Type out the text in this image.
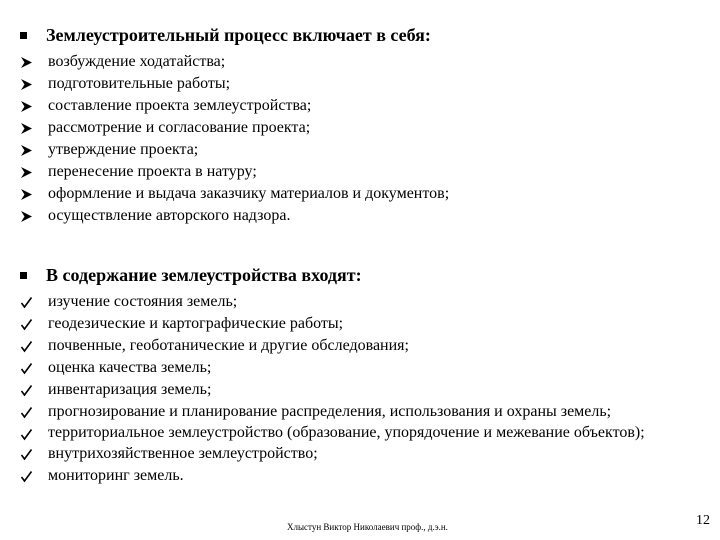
Землеустроительный процесс включает в себя:
возбуждение ходатайства;
подготовительные работы;
составление проекта землеустройства;
рассмотрение и согласование проекта;
утверждение проекта;
перенесение проекта в натуру;
оформление и выдача заказчику материалов и документов;
осуществление авторского надзора.
В содержание землеустройства входят:
изучение состояния земель;
геодезические и картографические работы;
почвенные, геоботанические и другие обследования;
оценка качества земель;
инвентаризация земель;
прогнозирование и планирование распределения, использования и охраны земель;
территориальное землеустройство (образование, упорядочение и межевание объектов);
внутрихозяйственное землеустройство;
мониторинг земель.
Хлыстун Виктор Николаевич проф., д.э.н.	12
